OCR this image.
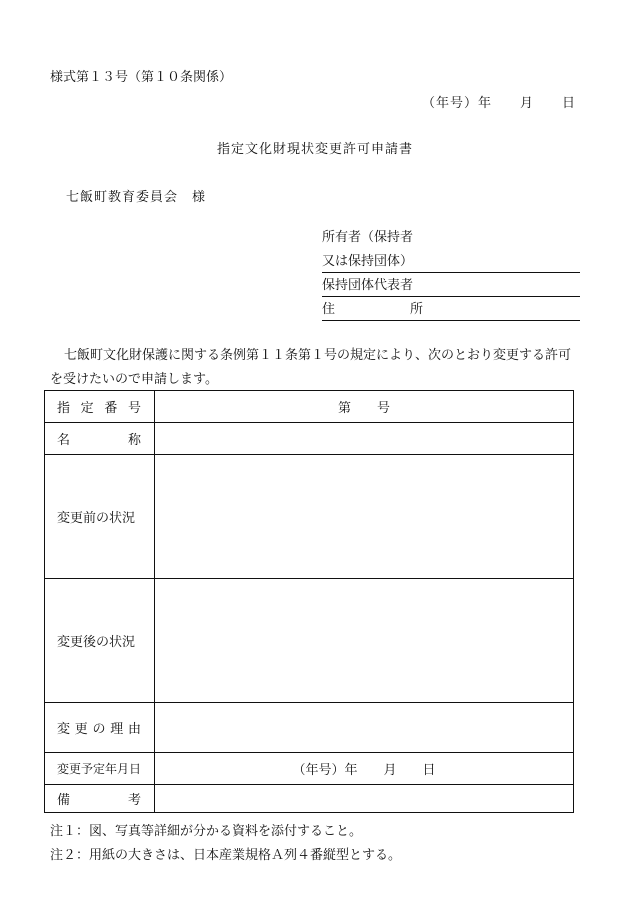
様式第１３号（第１０条関係）
（年号）年　　月　　日
指定文化財現状変更許可申請書
七飯町教育委員会　様
所有者（保持者
又は保持団体）
保持団体代表者
住	所
七飯町文化財保護に関する条例第１１条第１号の規定により、次のとおり変更する許可を受けたいので申請します。
指 定 番 号	第　　号

名 称	

変更前の状況	
変更後の状況	

変 更 の 理 由	

変更予定年月日	（年号）年　　月　　日

備 考	

注１：図、写真等詳細が分かる資料を添付すること。
注２：用紙の大きさは、日本産業規格Ａ列４番縦型とする。
